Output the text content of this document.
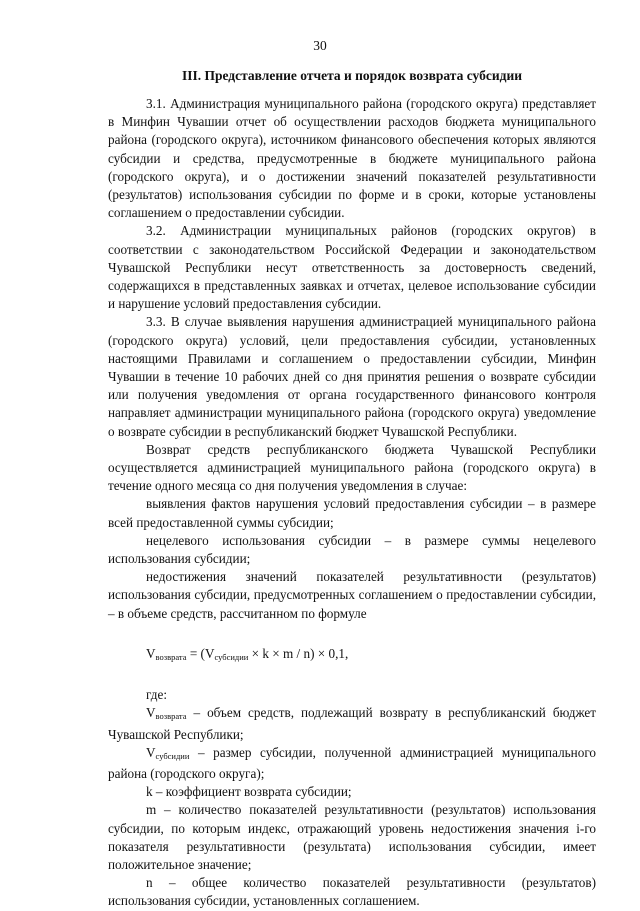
30
III. Представление отчета и порядок возврата субсидии

3.1. Администрация муниципального района (городского округа) представляет в Минфин Чувашии отчет об осуществлении расходов бюджета муниципального района (городского округа), источником финансового обеспечения которых являются субсидии и средства, предусмотренные в бюджете муниципального района (городского округа), и о достижении значений показателей результативности (результатов) использования субсидии по форме и в сроки, которые установлены соглашением о предоставлении субсидии.

3.2. Администрации муниципальных районов (городских округов) в соответствии с законодательством Российской Федерации и законодательством Чувашской Республики несут ответственность за достоверность сведений, содержащихся в представленных заявках и отчетах, целевое использование субсидии и нарушение условий предоставления субсидии.

3.3. В случае выявления нарушения администрацией муниципального района (городского округа) условий, цели предоставления субсидии, установленных настоящими Правилами и соглашением о предоставлении субсидии, Минфин Чувашии в течение 10 рабочих дней со дня принятия решения о возврате субсидии или получения уведомления от органа государственного финансового контроля направляет администрации муниципального района (городского округа) уведомление о возврате субсидии в республиканский бюджет Чувашской Республики.

Возврат средств республиканского бюджета Чувашской Республики осуществляется администрацией муниципального района (городского округа) в течение одного месяца со дня получения уведомления в случае:

выявления фактов нарушения условий предоставления субсидии – в размере всей предоставленной суммы субсидии;

нецелевого использования субсидии – в размере суммы нецелевого использования субсидии;

недостижения значений показателей результативности (результатов) использования субсидии, предусмотренных соглашением о предоставлении субсидии, – в объеме средств, рассчитанном по формуле

$V_{возврата} = (V_{субсидии} \times k \times m / n) \times 0,1$,

где:

$V_{возврата}$ – объем средств, подлежащий возврату в республиканский бюджет Чувашской Республики;

$V_{субсидии}$ – размер субсидии, полученной администрацией муниципального района (городского округа);

k – коэффициент возврата субсидии;

m – количество показателей результативности (результатов) использования субсидии, по которым индекс, отражающий уровень недостижения значения i-го показателя результативности (результата) использования субсидии, имеет положительное значение;

n – общее количество показателей результативности (результатов) использования субсидии, установленных соглашением.
